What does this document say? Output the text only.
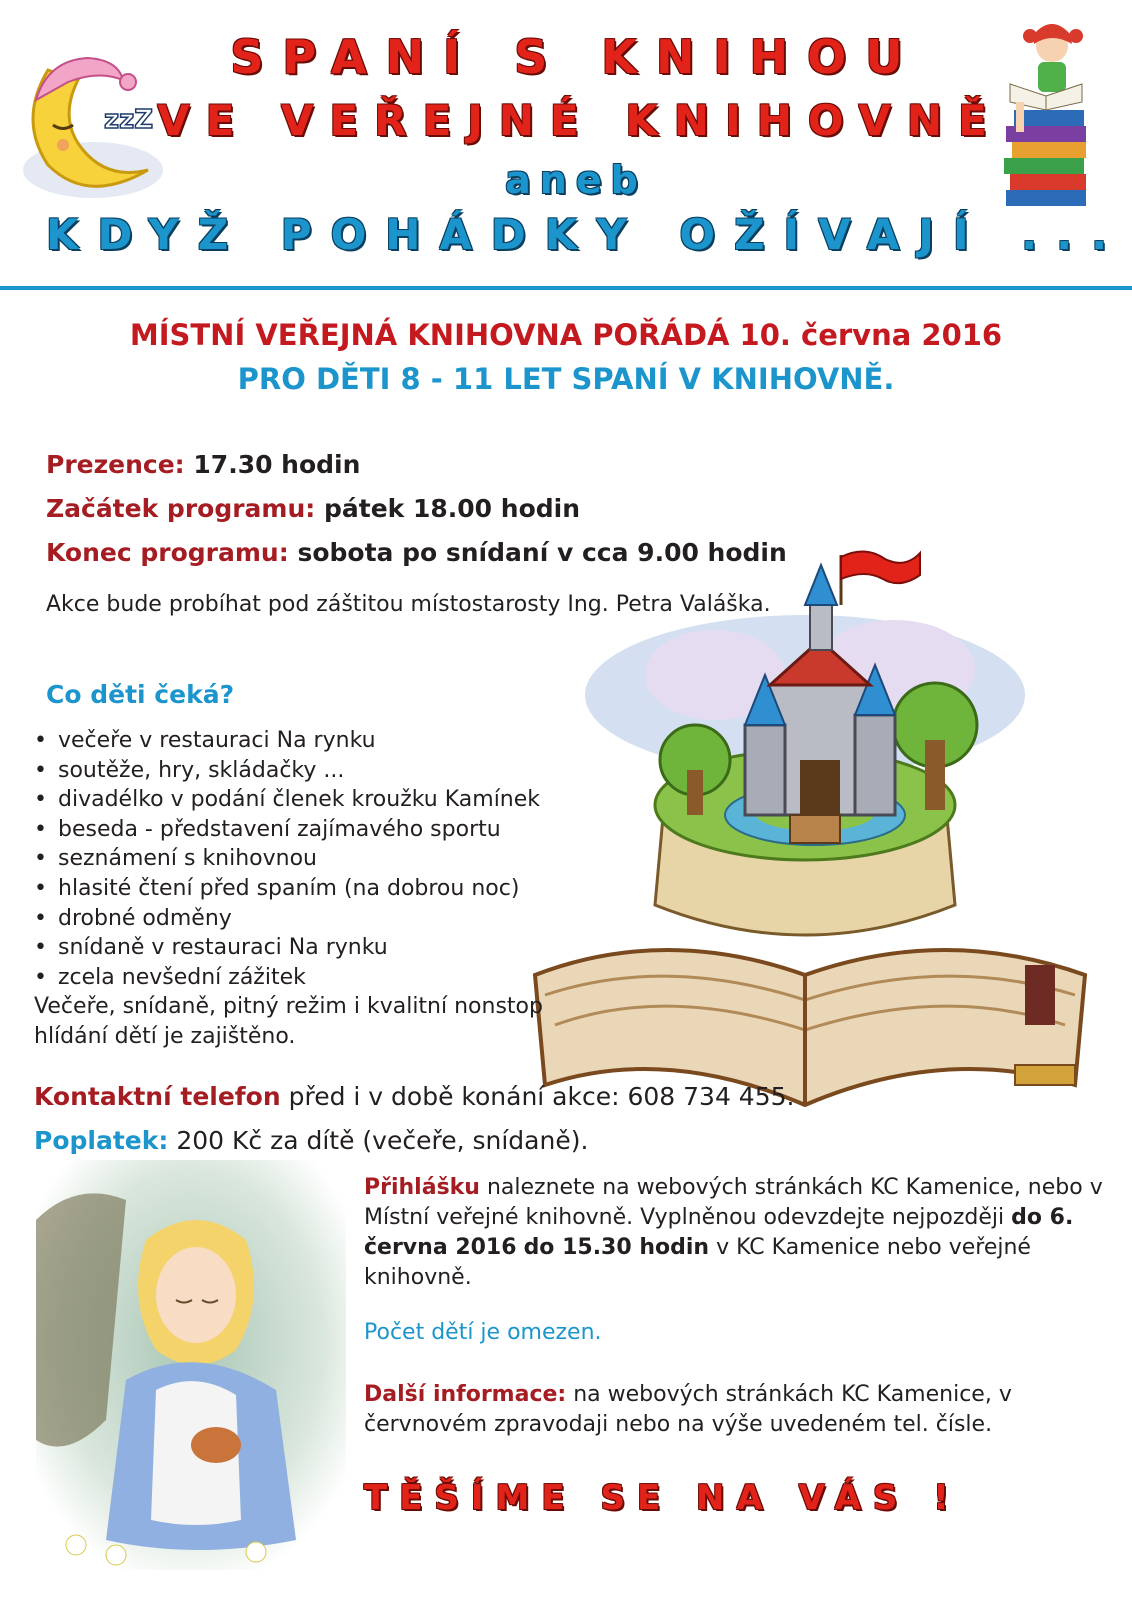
zzZ
SPANÍ S KNIHOU
VE VEŘEJNÉ KNIHOVNĚ
aneb
KDYŽ POHÁDKY OŽÍVAJÍ ...
MÍSTNÍ VEŘEJNÁ KNIHOVNA POŘÁDÁ 10. června 2016
PRO DĚTI 8 - 11 LET SPANÍ V KNIHOVNĚ.
Prezence: 17.30 hodin
Začátek programu: pátek 18.00 hodin
Konec programu: sobota po snídaní v cca 9.00 hodin
Akce bude probíhat pod záštitou místostarosty Ing. Petra Valáška.
Co děti čeká?
• večeře v restauraci Na rynku
• soutěže, hry, skládačky ...
• divadélko v podání členek kroužku Kamínek
• beseda - představení zajímavého sportu
• seznámení s knihovnou
• hlasité čtení před spaním (na dobrou noc)
• drobné odměny
• snídaně v restauraci Na rynku
• zcela nevšední zážitek
Večeře, snídaně, pitný režim i kvalitní nonstop hlídání dětí je zajištěno.
Kontaktní telefon před i v době konání akce: 608 734 455.
Poplatek: 200 Kč za dítě (večeře, snídaně).
Přihlášku naleznete na webových stránkách KC Kamenice, nebo v Místní veřejné knihovně. Vyplněnou odevzdejte nejpozději do 6. června 2016 do 15.30 hodin v KC Kamenice nebo veřejné knihovně.
Počet dětí je omezen.
Další informace: na webových stránkách KC Kamenice, v červnovém zpravodaji nebo na výše uvedeném tel. čísle.
TĚŠÍME SE NA VÁS !
